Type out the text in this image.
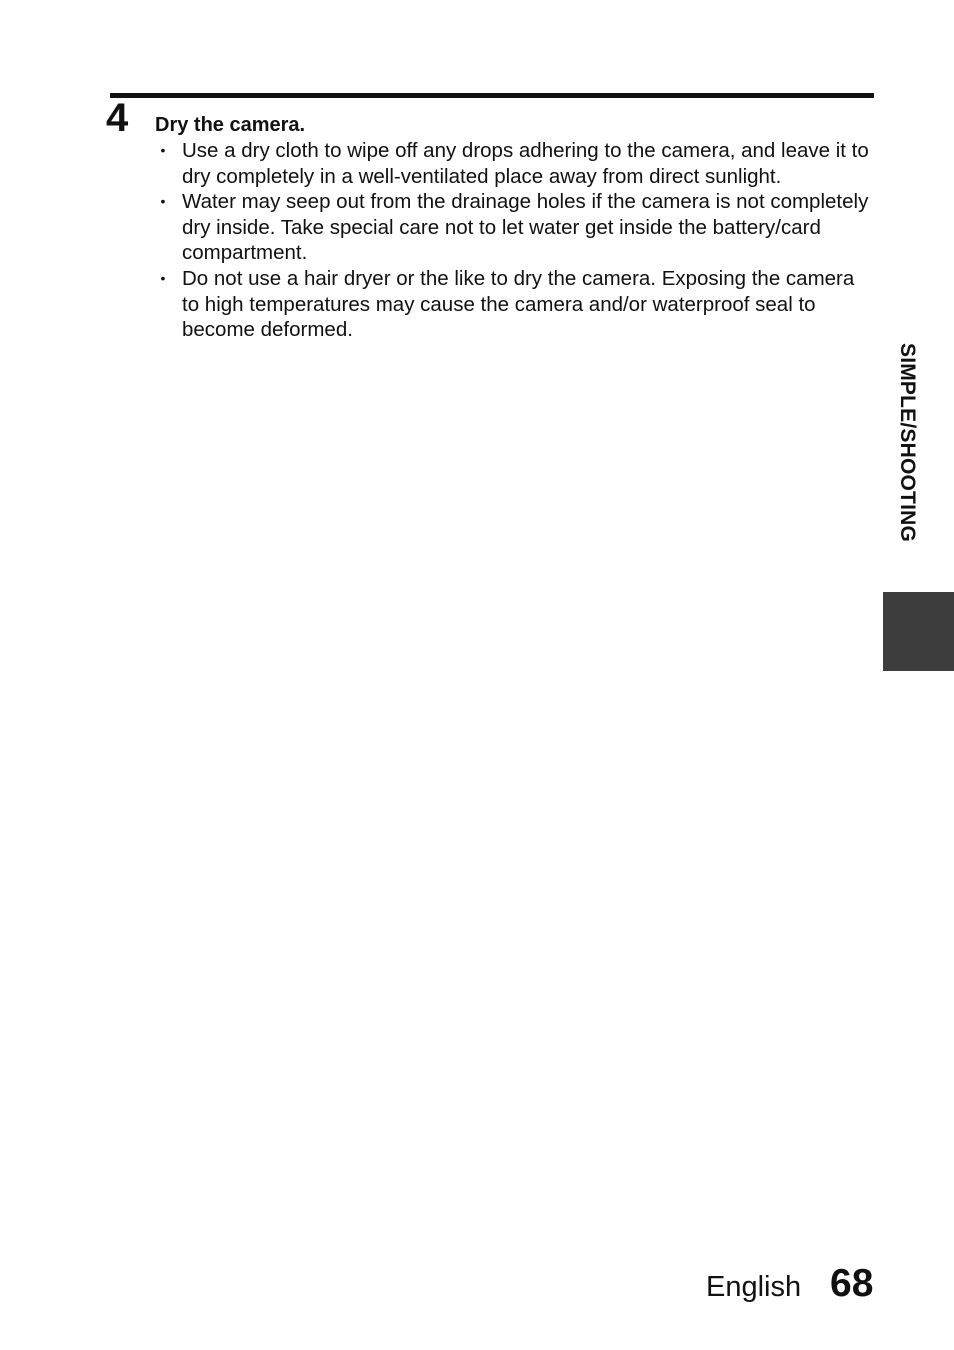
4 Dry the camera.
• Use a dry cloth to wipe off any drops adhering to the camera, and leave it to dry completely in a well-ventilated place away from direct sunlight.
• Water may seep out from the drainage holes if the camera is not completely dry inside. Take special care not to let water get inside the battery/card compartment.
• Do not use a hair dryer or the like to dry the camera. Exposing the camera to high temperatures may cause the camera and/or waterproof seal to become deformed.
SIMPLE/SHOOTING
English 68
